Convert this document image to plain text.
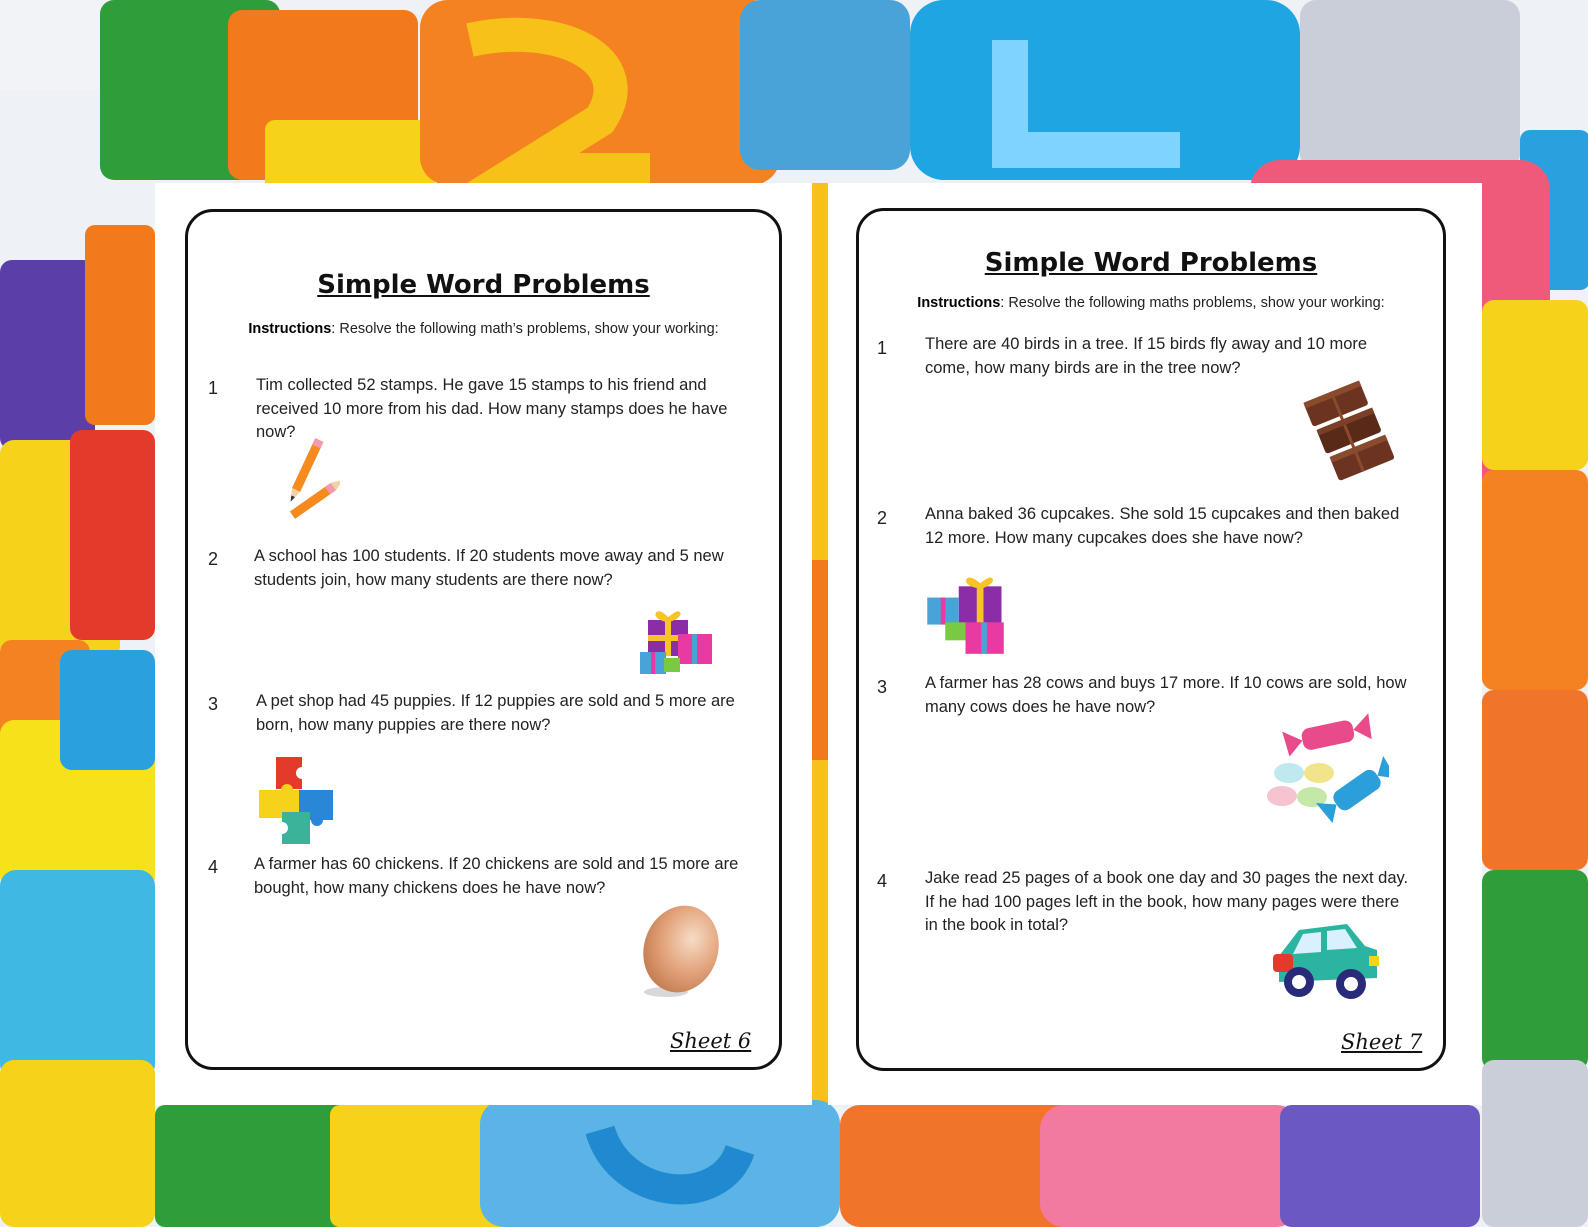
Simple Word Problems
Instructions: Resolve the following math’s problems, show your working:
1 Tim collected 52 stamps. He gave 15 stamps to his friend and received 10 more from his dad. How many stamps does he have now?
2 A school has 100 students. If 20 students move away and 5 new students join, how many students are there now?
3 A pet shop had 45 puppies. If 12 puppies are sold and 5 more are born, how many puppies are there now?
4 A farmer has 60 chickens. If 20 chickens are sold and 15 more are bought, how many chickens does he have now?
Sheet 6
Simple Word Problems
Instructions: Resolve the following maths problems, show your working:
1 There are 40 birds in a tree. If 15 birds fly away and 10 more come, how many birds are in the tree now?
2 Anna baked 36 cupcakes. She sold 15 cupcakes and then baked 12 more. How many cupcakes does she have now?
3 A farmer has 28 cows and buys 17 more. If 10 cows are sold, how many cows does he have now?
4 Jake read 25 pages of a book one day and 30 pages the next day. If he had 100 pages left in the book, how many pages were there in the book in total?
Sheet 7
